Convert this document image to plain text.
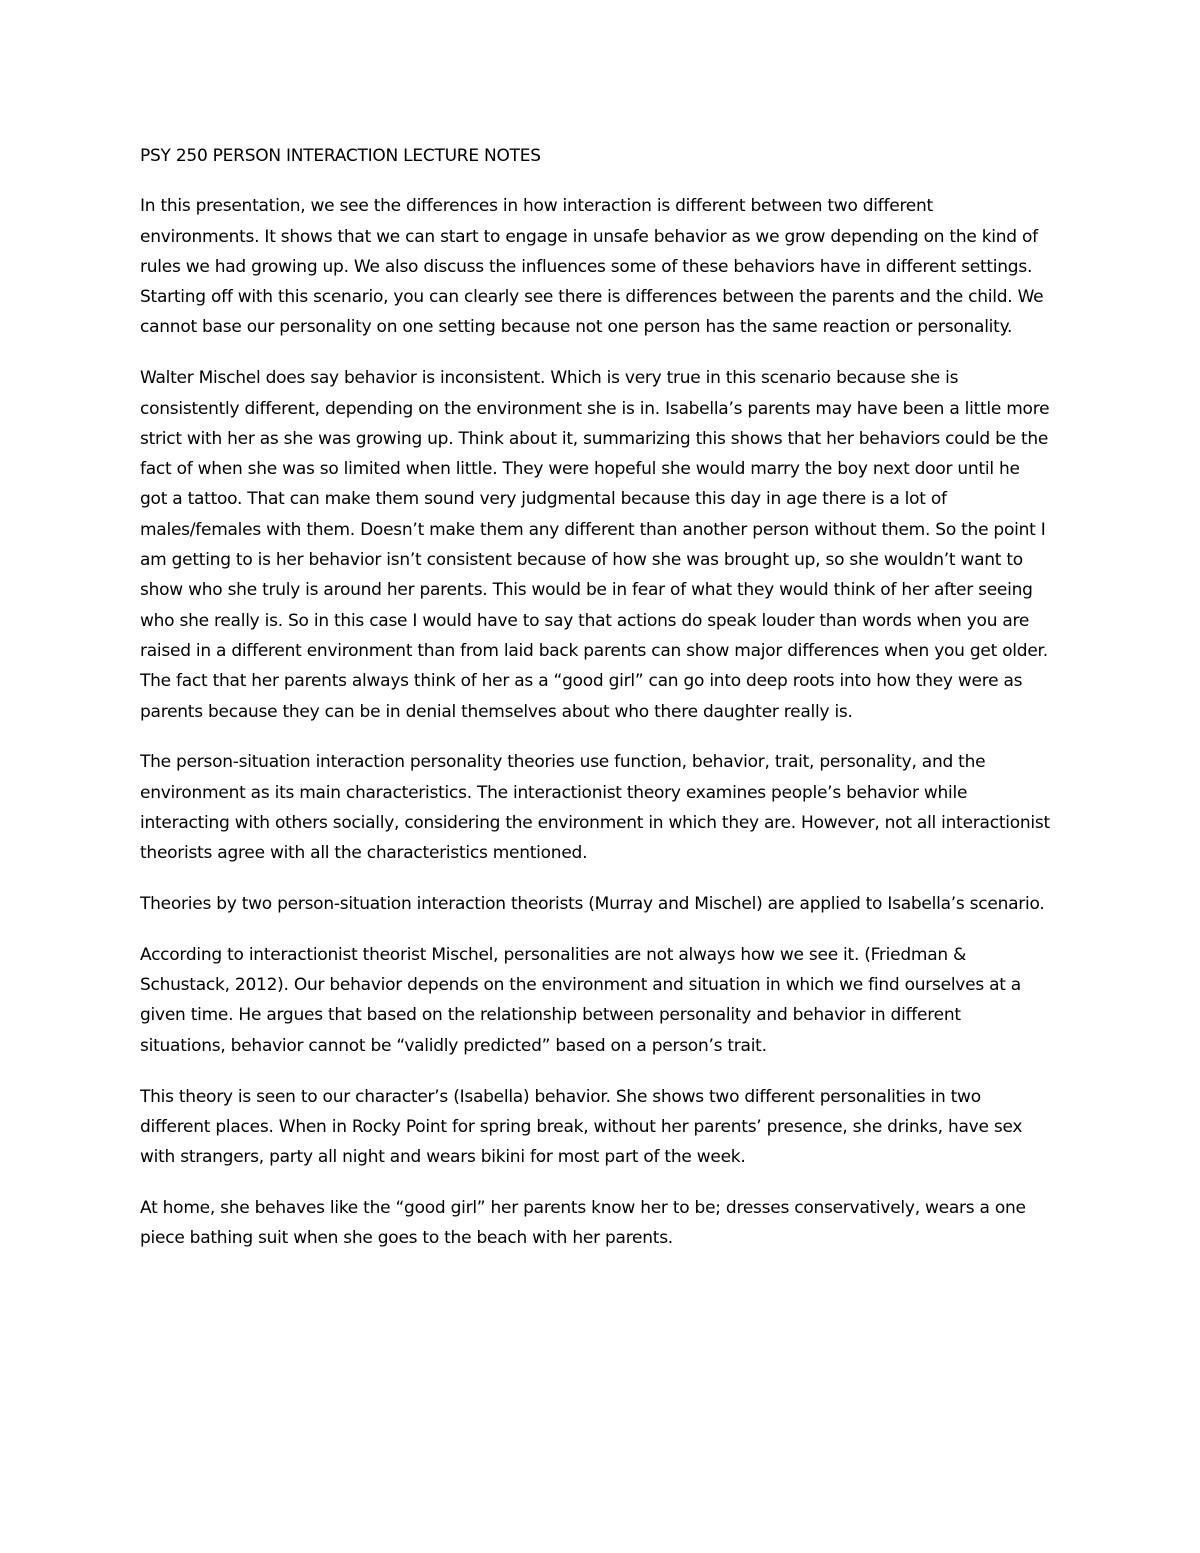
PSY 250 PERSON INTERACTION LECTURE NOTES

In this presentation, we see the differences in how interaction is different between two different environments. It shows that we can start to engage in unsafe behavior as we grow depending on the kind of rules we had growing up. We also discuss the influences some of these behaviors have in different settings. Starting off with this scenario, you can clearly see there is differences between the parents and the child. We cannot base our personality on one setting because not one person has the same reaction or personality.

Walter Mischel does say behavior is inconsistent. Which is very true in this scenario because she is consistently different, depending on the environment she is in. Isabella’s parents may have been a little more strict with her as she was growing up. Think about it, summarizing this shows that her behaviors could be the fact of when she was so limited when little. They were hopeful she would marry the boy next door until he got a tattoo. That can make them sound very judgmental because this day in age there is a lot of males/females with them. Doesn’t make them any different than another person without them. So the point I am getting to is her behavior isn’t consistent because of how she was brought up, so she wouldn’t want to show who she truly is around her parents. This would be in fear of what they would think of her after seeing who she really is. So in this case I would have to say that actions do speak louder than words when you are raised in a different environment than from laid back parents can show major differences when you get older. The fact that her parents always think of her as a “good girl” can go into deep roots into how they were as parents because they can be in denial themselves about who there daughter really is.

The person-situation interaction personality theories use function, behavior, trait, personality, and the environment as its main characteristics. The interactionist theory examines people’s behavior while interacting with others socially, considering the environment in which they are. However, not all interactionist theorists agree with all the characteristics mentioned.

Theories by two person-situation interaction theorists (Murray and Mischel) are applied to Isabella’s scenario.

According to interactionist theorist Mischel, personalities are not always how we see it. (Friedman & Schustack, 2012). Our behavior depends on the environment and situation in which we find ourselves at a given time. He argues that based on the relationship between personality and behavior in different situations, behavior cannot be “validly predicted” based on a person’s trait.

This theory is seen to our character’s (Isabella) behavior. She shows two different personalities in two different places. When in Rocky Point for spring break, without her parents’ presence, she drinks, have sex with strangers, party all night and wears bikini for most part of the week.

At home, she behaves like the “good girl” her parents know her to be; dresses conservatively, wears a one piece bathing suit when she goes to the beach with her parents.
